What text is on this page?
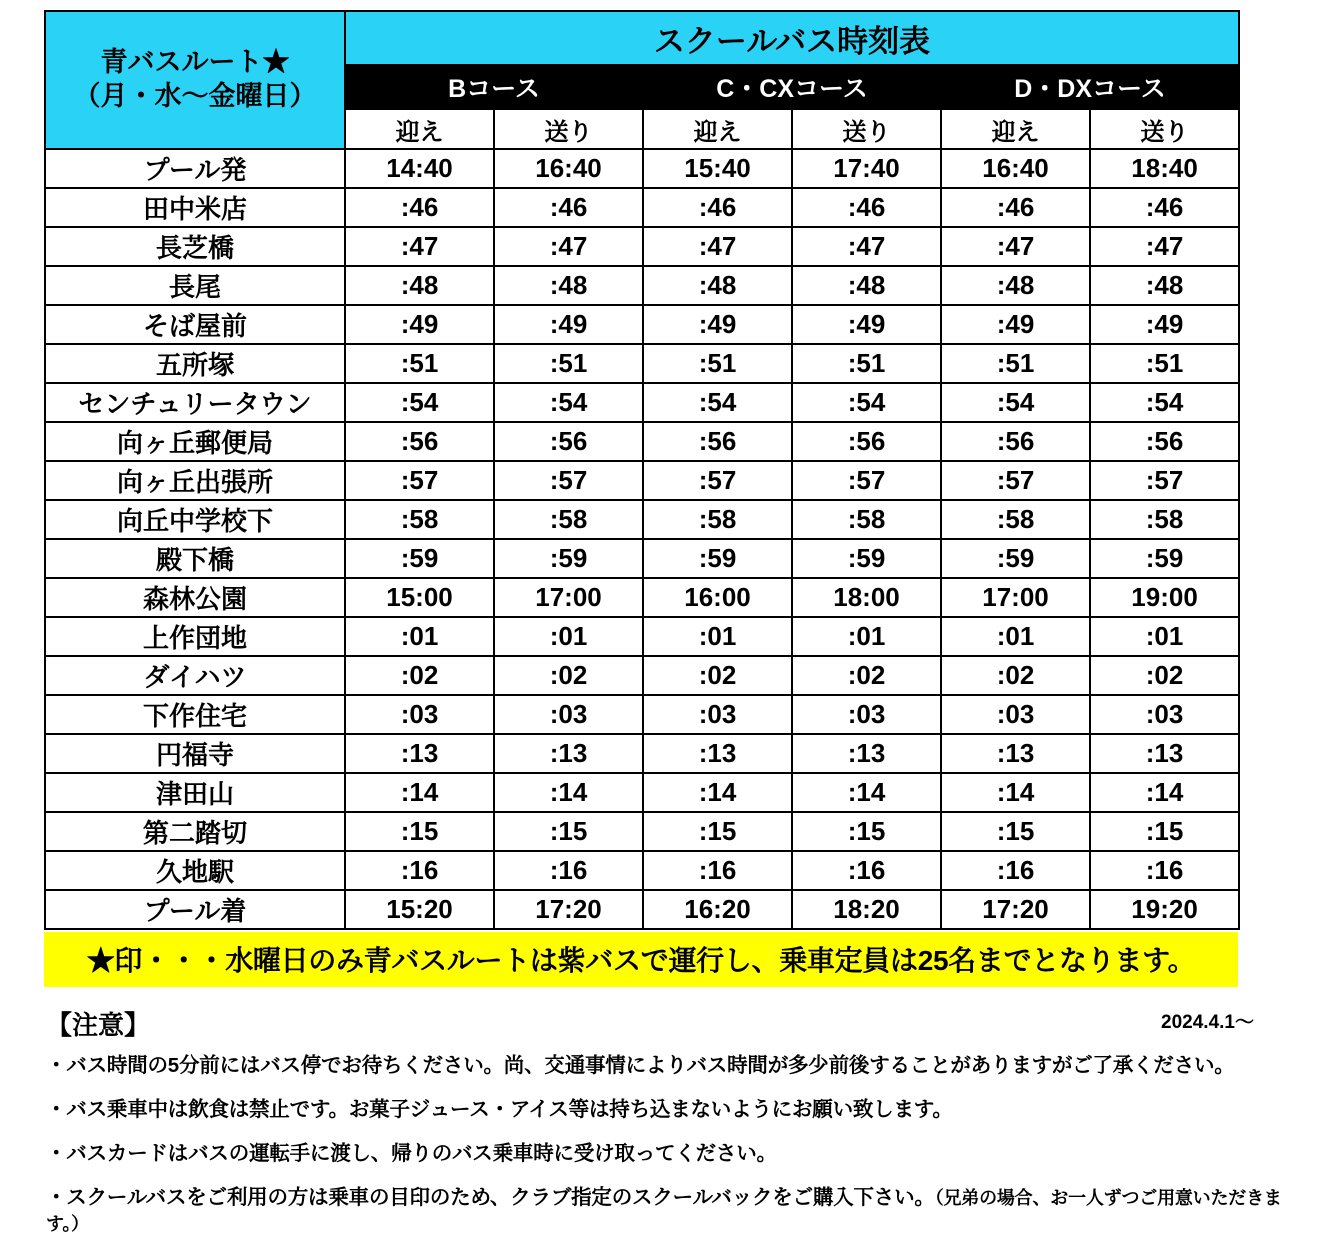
青バスルート★
（月・水～金曜日）	スクールバス時刻表					
	Bコース		C・CXコース		D・DXコース	
	迎え	送り	迎え	送り	迎え	送り
プール発	14:40	16:40	15:40	17:40	16:40	18:40
田中米店	:46	:46	:46	:46	:46	:46
長芝橋	:47	:47	:47	:47	:47	:47
長尾	:48	:48	:48	:48	:48	:48
そば屋前	:49	:49	:49	:49	:49	:49
五所塚	:51	:51	:51	:51	:51	:51
センチュリータウン	:54	:54	:54	:54	:54	:54
向ヶ丘郵便局	:56	:56	:56	:56	:56	:56
向ヶ丘出張所	:57	:57	:57	:57	:57	:57
向丘中学校下	:58	:58	:58	:58	:58	:58
殿下橋	:59	:59	:59	:59	:59	:59
森林公園	15:00	17:00	16:00	18:00	17:00	19:00
上作団地	:01	:01	:01	:01	:01	:01
ダイハツ	:02	:02	:02	:02	:02	:02
下作住宅	:03	:03	:03	:03	:03	:03
円福寺	:13	:13	:13	:13	:13	:13
津田山	:14	:14	:14	:14	:14	:14
第二踏切	:15	:15	:15	:15	:15	:15
久地駅	:16	:16	:16	:16	:16	:16
プール着	15:20	17:20	16:20	18:20	17:20	19:20
★印・・・水曜日のみ青バスルートは紫バスで運行し、乗車定員は25名までとなります。
2024.4.1～
【注意】
・バス時間の5分前にはバス停でお待ちください。尚、交通事情によりバス時間が多少前後することがありますがご了承ください。
・バス乗車中は飲食は禁止です。お菓子ジュース・アイス等は持ち込まないようにお願い致します。
・バスカードはバスの運転手に渡し、帰りのバス乗車時に受け取ってください。
・スクールバスをご利用の方は乗車の目印のため、クラブ指定のスクールバックをご購入下さい。（兄弟の場合、お一人ずつご用意いただきます。）
